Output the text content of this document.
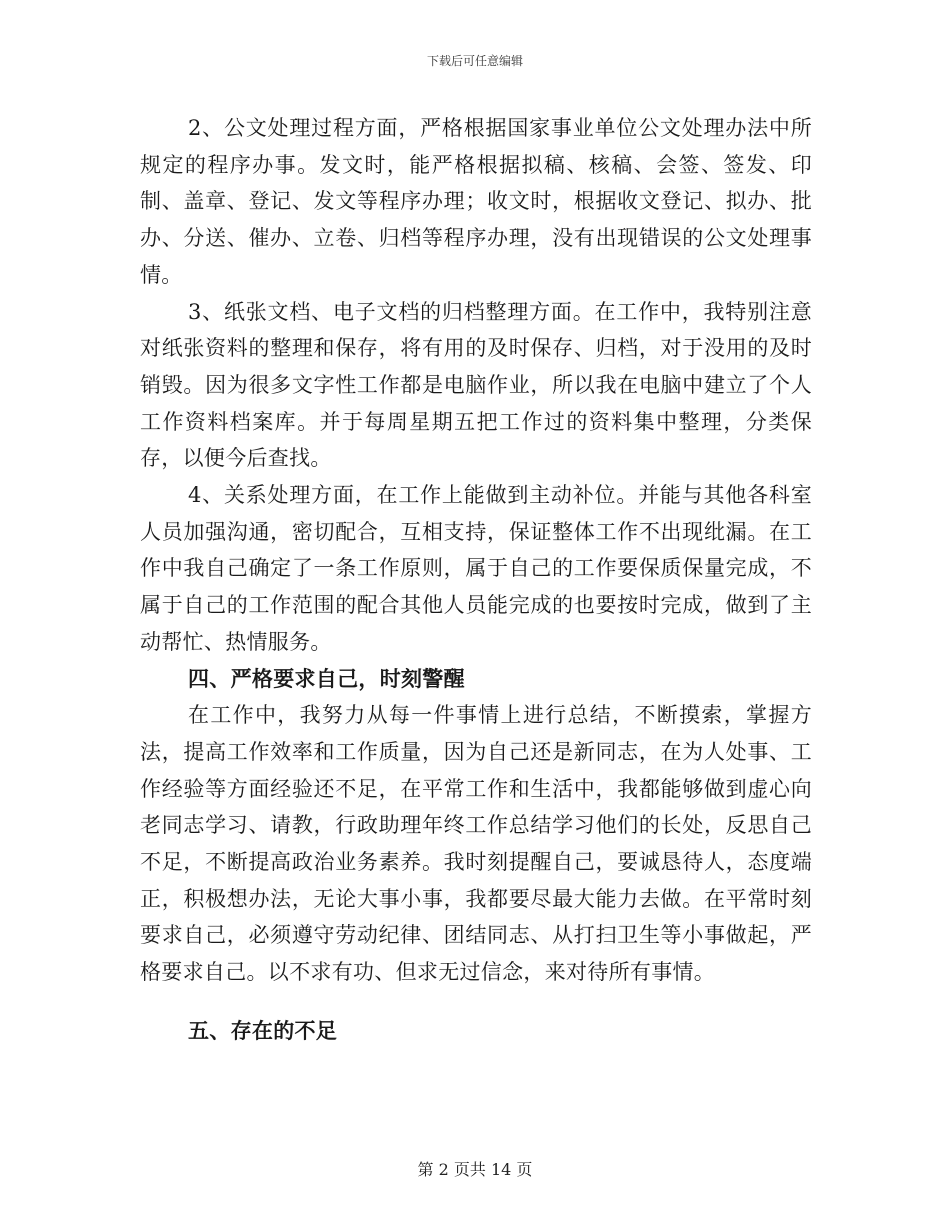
下载后可任意编辑

2、公文处理过程方面，严格根据国家事业单位公文处理办法中所规定的程序办事。发文时，能严格根据拟稿、核稿、会签、签发、印制、盖章、登记、发文等程序办理；收文时，根据收文登记、拟办、批办、分送、催办、立卷、归档等程序办理，没有出现错误的公文处理事情。

3、纸张文档、电子文档的归档整理方面。在工作中，我特别注意对纸张资料的整理和保存，将有用的及时保存、归档，对于没用的及时销毁。因为很多文字性工作都是电脑作业，所以我在电脑中建立了个人工作资料档案库。并于每周星期五把工作过的资料集中整理，分类保存，以便今后查找。

4、关系处理方面，在工作上能做到主动补位。并能与其他各科室人员加强沟通，密切配合，互相支持，保证整体工作不出现纰漏。在工作中我自己确定了一条工作原则，属于自己的工作要保质保量完成，不属于自己的工作范围的配合其他人员能完成的也要按时完成，做到了主动帮忙、热情服务。

四、严格要求自己，时刻警醒

在工作中，我努力从每一件事情上进行总结，不断摸索，掌握方法，提高工作效率和工作质量，因为自己还是新同志，在为人处事、工作经验等方面经验还不足，在平常工作和生活中，我都能够做到虚心向老同志学习、请教，行政助理年终工作总结学习他们的长处，反思自己不足，不断提高政治业务素养。我时刻提醒自己，要诚恳待人，态度端正，积极想办法，无论大事小事，我都要尽最大能力去做。在平常时刻要求自己，必须遵守劳动纪律、团结同志、从打扫卫生等小事做起，严格要求自己。以不求有功、但求无过信念，来对待所有事情。

五、存在的不足

第 2 页共 14 页
